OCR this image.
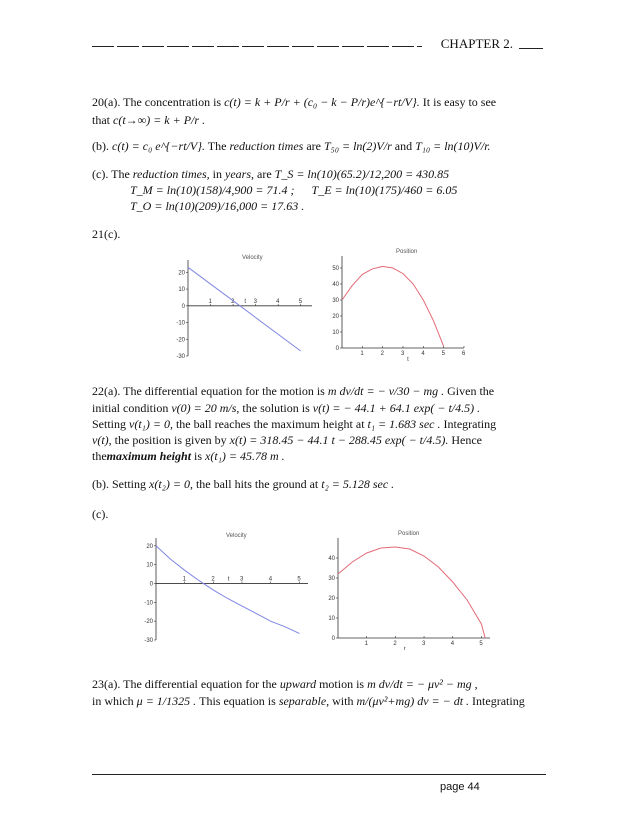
CHAPTER 2.
20(a). The concentration is c(t) = k + P/r + (c₀ − k − P/r)e^{−rt/V}. It is easy to see
that c(t→∞) = k + P/r .
(b). c(t) = c₀ e^{−rt/V}. The reduction times are T₅₀ = ln(2)V/r and T₁₀ = ln(10)V/r.
(c). The reduction times, in years, are T_S = ln(10)(65.2)/12,200 = 430.85
T_M = ln(10)(158)/4,900 = 71.4 ; T_E = ln(10)(175)/460 = 6.05
T_O = ln(10)(209)/16,000 = 17.63 .
21(c).
Velocity
20
10
0
-10
-20
-30
1	2	3	4	5
t
Position
50
40
30
20
10
0
1	2	3	4	5	6
t
22(a). The differential equation for the motion is m dv/dt = − v/30 − mg . Given the
initial condition v(0) = 20 m/s, the solution is v(t) = − 44.1 + 64.1 exp( − t/4.5) .
Setting v(t₁) = 0, the ball reaches the maximum height at t₁ = 1.683 sec . Integrating
v(t), the position is given by x(t) = 318.45 − 44.1 t − 288.45 exp( − t/4.5). Hence
themaximum height is x(t₁) = 45.78 m .
(b). Setting x(t₂) = 0, the ball hits the ground at t₂ = 5.128 sec .
(c).
Velocity
20
10
0
-10
-20
-30
1	2	3	4	5
t
Position
40
30
20
10
0
1	2	3	4	5
t
23(a). The differential equation for the upward motion is m dv/dt = − μv² − mg ,
in which μ = 1/1325 . This equation is separable, with m/(μv²+mg) dv = − dt . Integrating
page 44
